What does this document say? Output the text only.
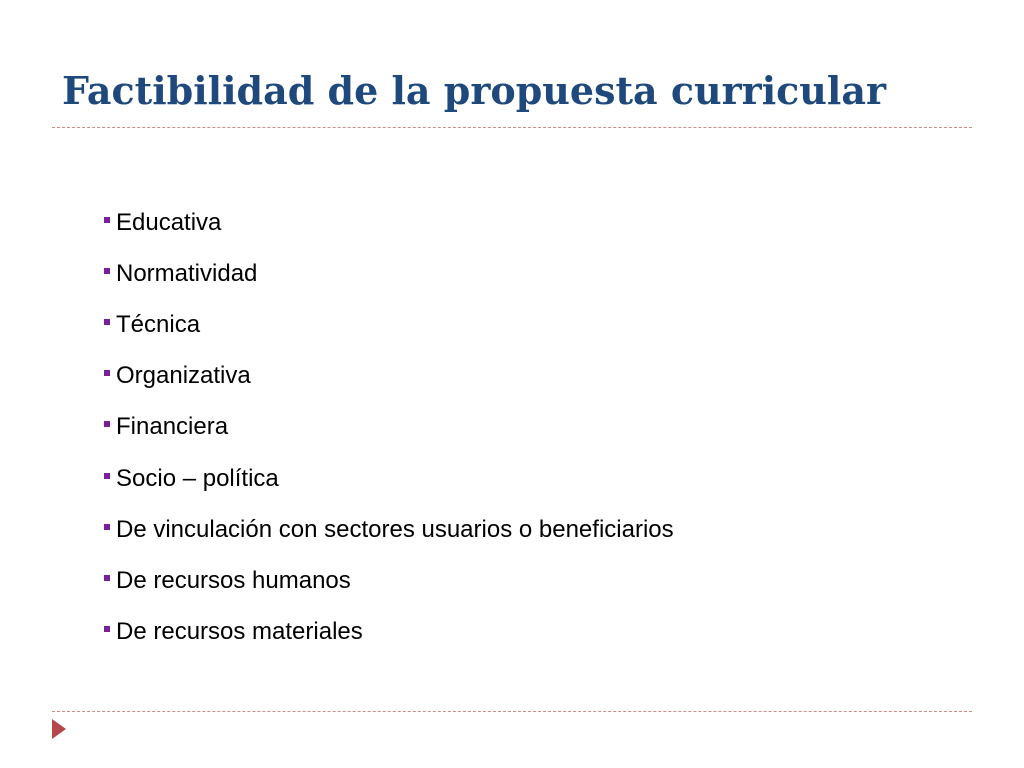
Factibilidad de la propuesta curricular
Educativa
Normatividad
Técnica
Organizativa
Financiera
Socio – política
De vinculación con sectores usuarios o beneficiarios
De recursos humanos
De recursos materiales
